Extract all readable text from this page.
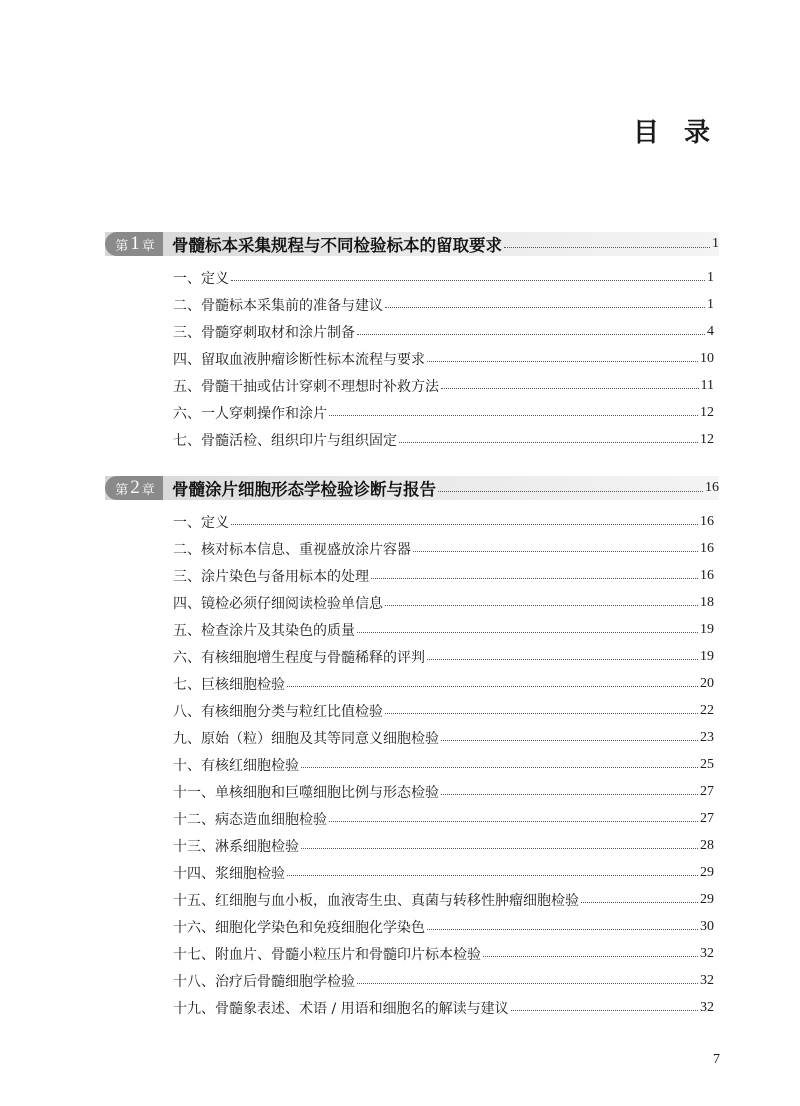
目 录
第 1 章 骨髓标本采集规程与不同检验标本的留取要求	1
一、定义	1
二、骨髓标本采集前的准备与建议	1
三、骨髓穿刺取材和涂片制备	4
四、留取血液肿瘤诊断性标本流程与要求	10
五、骨髓干抽或估计穿刺不理想时补救方法	11
六、一人穿刺操作和涂片	12
七、骨髓活检、组织印片与组织固定	12
第 2 章 骨髓涂片细胞形态学检验诊断与报告	16
一、定义	16
二、核对标本信息、重视盛放涂片容器	16
三、涂片染色与备用标本的处理	16
四、镜检必须仔细阅读检验单信息	18
五、检查涂片及其染色的质量	19
六、有核细胞增生程度与骨髓稀释的评判	19
七、巨核细胞检验	20
八、有核细胞分类与粒红比值检验	22
九、原始（粒）细胞及其等同意义细胞检验	23
十、有核红细胞检验	25
十一、单核细胞和巨噬细胞比例与形态检验	27
十二、病态造血细胞检验	27
十三、淋系细胞检验	28
十四、浆细胞检验	29
十五、红细胞与血小板，血液寄生虫、真菌与转移性肿瘤细胞检验	29
十六、细胞化学染色和免疫细胞化学染色	30
十七、附血片、骨髓小粒压片和骨髓印片标本检验	32
十八、治疗后骨髓细胞学检验	32
十九、骨髓象表述、术语 / 用语和细胞名的解读与建议	32
7
